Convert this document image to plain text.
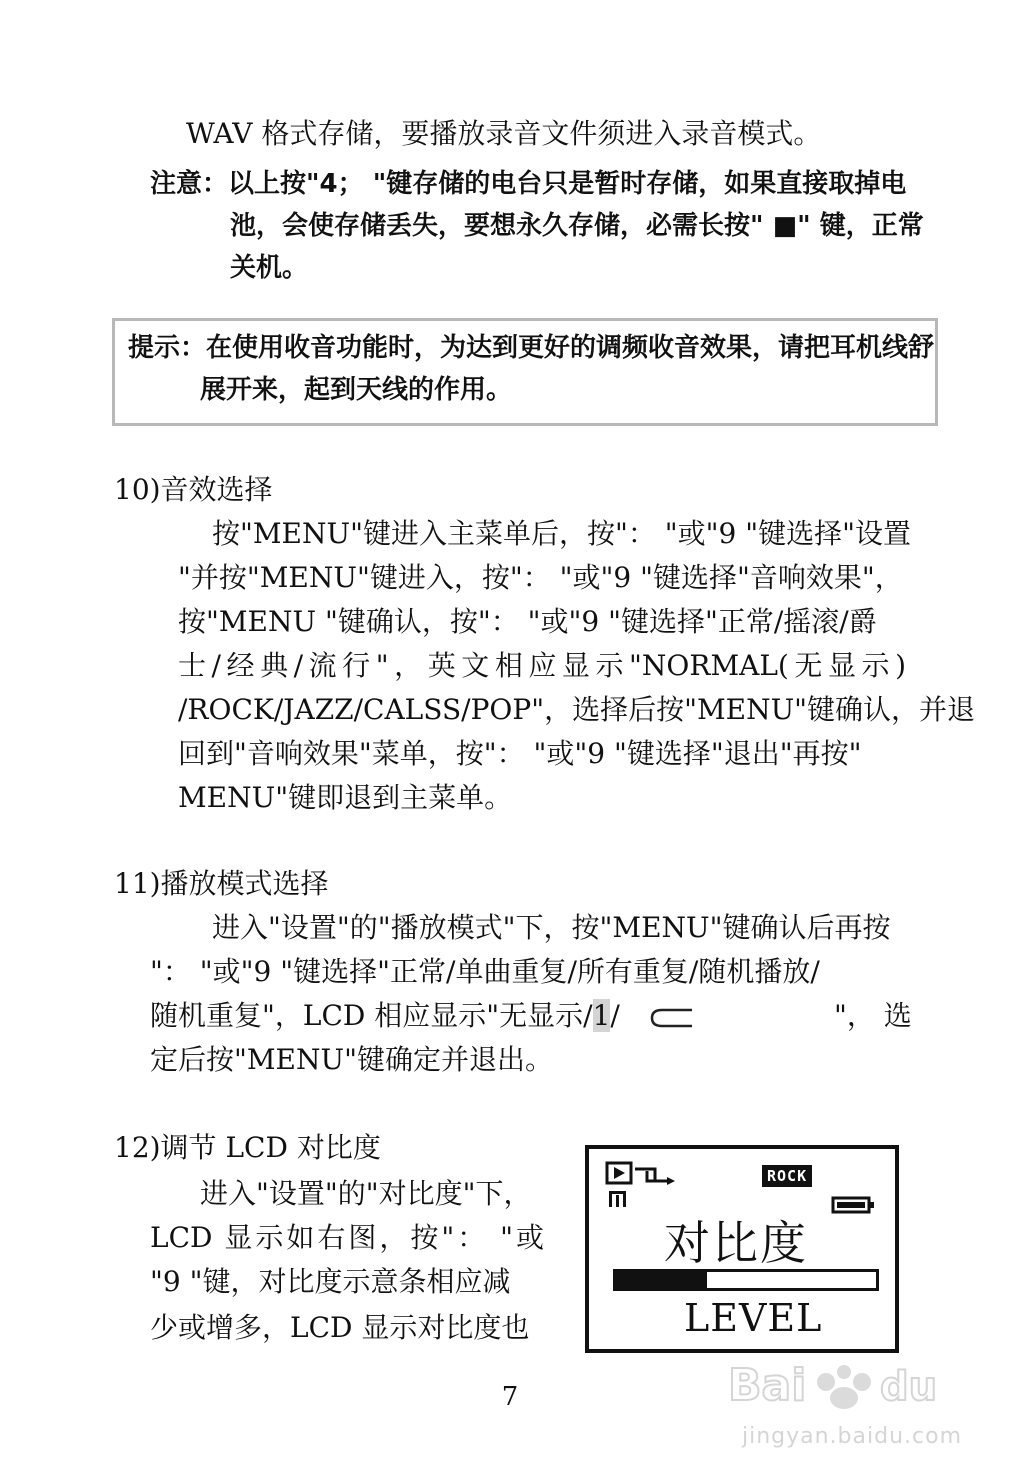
WAV 格式存储，要播放录音文件须进入录音模式。
注意：以上按"4； "键存储的电台只是暂时存储，如果直接取掉电
池，会使存储丢失，要想永久存储，必需长按" ■" 键，正常
关机。
提示：在使用收音功能时，为达到更好的调频收音效果，请把耳机线舒
展开来，起到天线的作用。
10)音效选择
按"MENU"键进入主菜单后，按"： "或"9 "键选择"设置
"并按"MENU"键进入，按"： "或"9 "键选择"音响效果"，
按"MENU "键确认，按"： "或"9 "键选择"正常/摇滚/爵
士/经典/流行"，英文相应显示"NORMAL(无显示)
/ROCK/JAZZ/CALSS/POP"，选择后按"MENU"键确认，并退
回到"音响效果"菜单，按"： "或"9 "键选择"退出"再按"
MENU"键即退到主菜单。
11)播放模式选择
进入"设置"的"播放模式"下，按"MENU"键确认后再按
"： "或"9 "键选择"正常/单曲重复/所有重复/随机播放/
随机重复"，LCD 相应显示"无显示/1/	"， 选
定后按"MENU"键确定并退出。
12)调节 LCD 对比度
进入"设置"的"对比度"下，
LCD 显示如右图，按"： "或
"9 "键，对比度示意条相应减
少或增多，LCD 显示对比度也
ROCK
对比度
LEVEL
7	Bai du
jingyan.baidu.com
